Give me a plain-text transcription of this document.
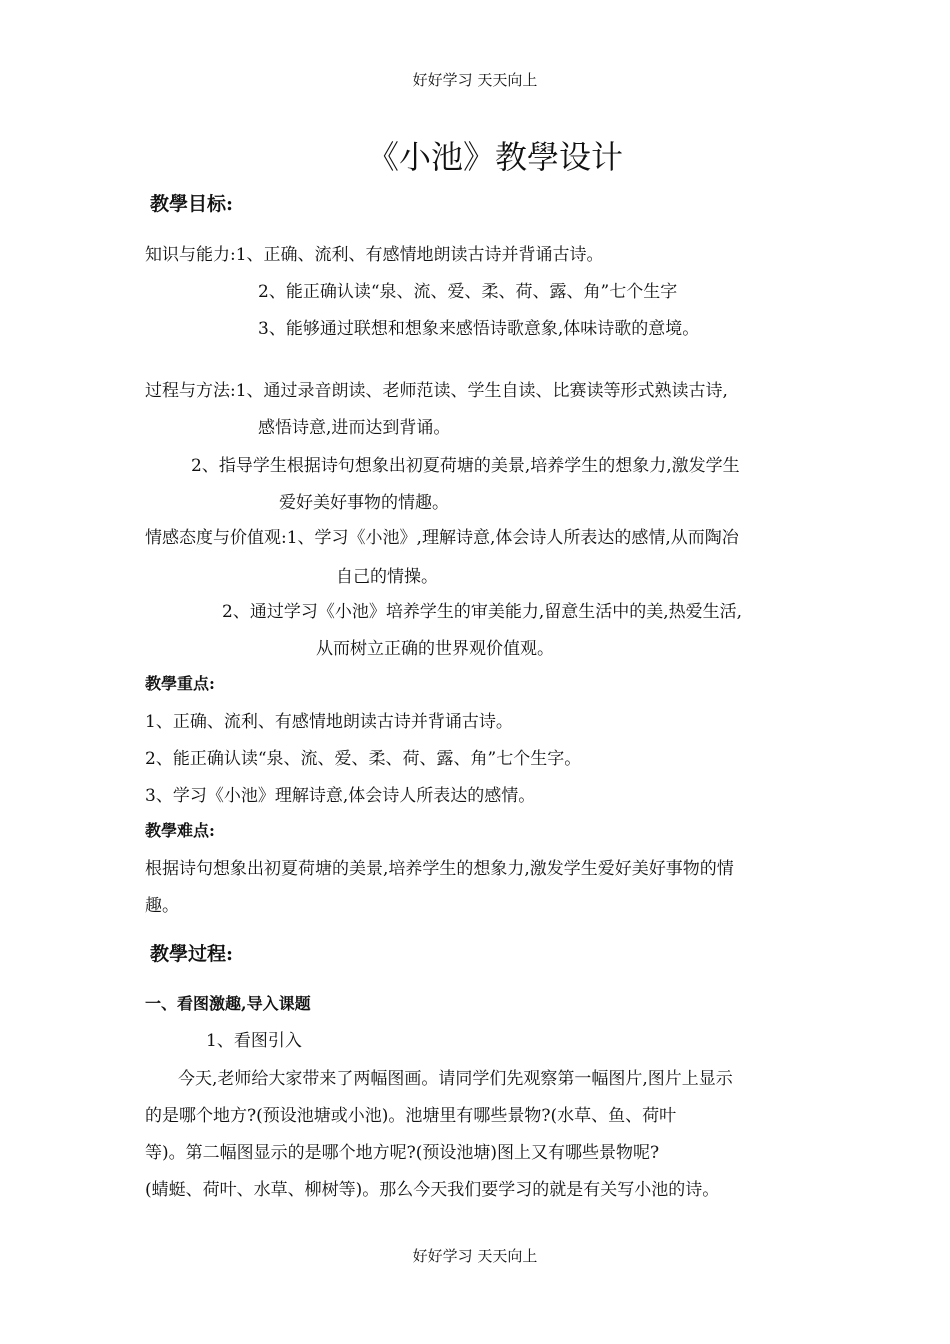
好好学习 天天向上
《小池》教學设计
教學目标:
知识与能力:1、正确、流利、有感情地朗读古诗并背诵古诗。
2、能正确认读“泉、流、爱、柔、荷、露、角”七个生字
3、能够通过联想和想象来感悟诗歌意象,体味诗歌的意境。
过程与方法:1、通过录音朗读、老师范读、学生自读、比赛读等形式熟读古诗,
感悟诗意,进而达到背诵。
2、指导学生根据诗句想象出初夏荷塘的美景,培养学生的想象力,激发学生
爱好美好事物的情趣。
情感态度与价值观:1、学习《小池》,理解诗意,体会诗人所表达的感情,从而陶冶
自己的情操。
2、通过学习《小池》培养学生的审美能力,留意生活中的美,热爱生活,
从而树立正确的世界观价值观。
教學重点:
1、正确、流利、有感情地朗读古诗并背诵古诗。
2、能正确认读“泉、流、爱、柔、荷、露、角”七个生字。
3、学习《小池》理解诗意,体会诗人所表达的感情。
教學难点:
根据诗句想象出初夏荷塘的美景,培养学生的想象力,激发学生爱好美好事物的情
趣。
教學过程:
一、看图激趣,导入课题
1、看图引入
今天,老师给大家带来了两幅图画。请同学们先观察第一幅图片,图片上显示
的是哪个地方?(预设池塘或小池)。池塘里有哪些景物?(水草、鱼、荷叶
等)。第二幅图显示的是哪个地方呢?(预设池塘)图上又有哪些景物呢?
(蜻蜓、荷叶、水草、柳树等)。那么今天我们要学习的就是有关写小池的诗。
好好学习 天天向上
